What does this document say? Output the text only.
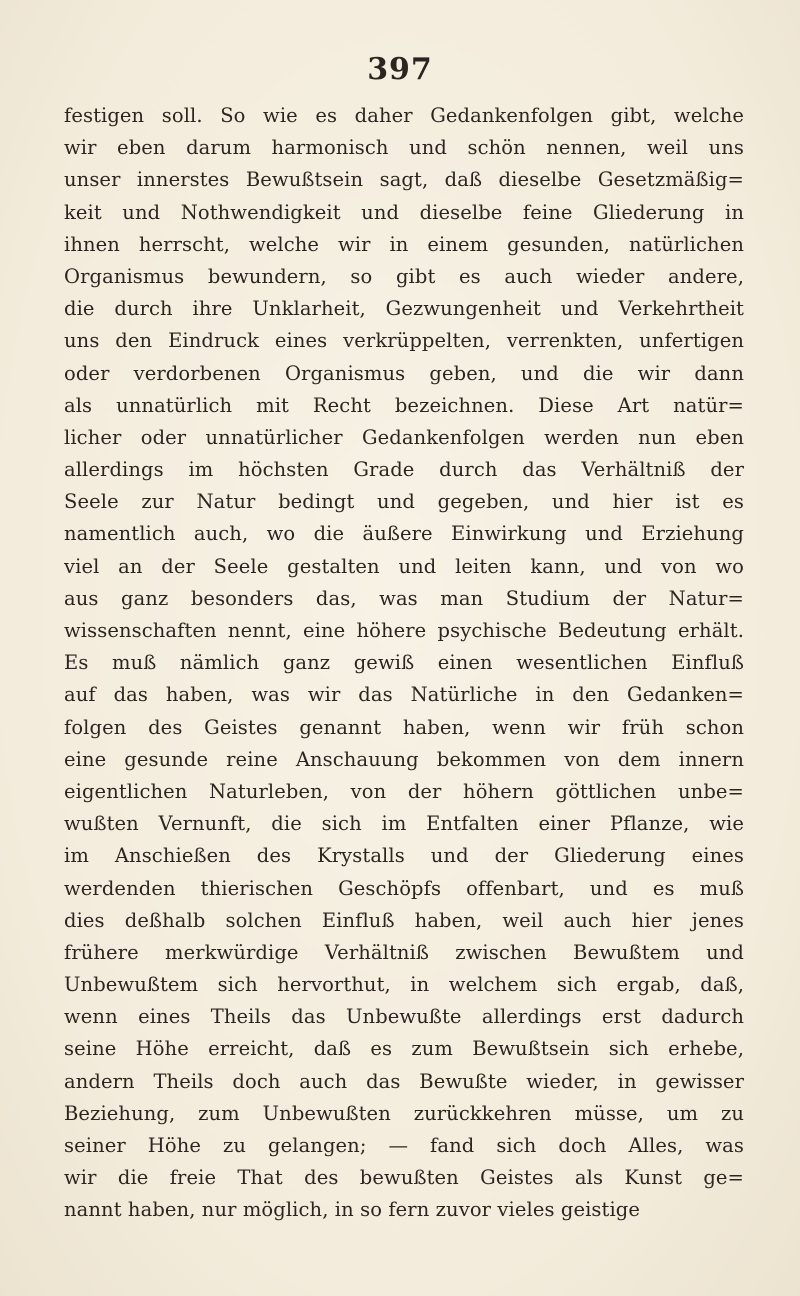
397
festigen soll. So wie es daher Gedankenfolgen gibt, welche
wir eben darum harmonisch und schön nennen, weil uns
unser innerstes Bewußtsein sagt, daß dieselbe Gesetzmäßig=
keit und Nothwendigkeit und dieselbe feine Gliederung in
ihnen herrscht, welche wir in einem gesunden, natürlichen
Organismus bewundern, so gibt es auch wieder andere,
die durch ihre Unklarheit, Gezwungenheit und Verkehrtheit
uns den Eindruck eines verkrüppelten, verrenkten, unfertigen
oder verdorbenen Organismus geben, und die wir dann
als unnatürlich mit Recht bezeichnen. Diese Art natür=
licher oder unnatürlicher Gedankenfolgen werden nun eben
allerdings im höchsten Grade durch das Verhältniß der
Seele zur Natur bedingt und gegeben, und hier ist es
namentlich auch, wo die äußere Einwirkung und Erziehung
viel an der Seele gestalten und leiten kann, und von wo
aus ganz besonders das, was man Studium der Natur=
wissenschaften nennt, eine höhere psychische Bedeutung erhält.
Es muß nämlich ganz gewiß einen wesentlichen Einfluß
auf das haben, was wir das Natürliche in den Gedanken=
folgen des Geistes genannt haben, wenn wir früh schon
eine gesunde reine Anschauung bekommen von dem innern
eigentlichen Naturleben, von der höhern göttlichen unbe=
wußten Vernunft, die sich im Entfalten einer Pflanze, wie
im Anschießen des Krystalls und der Gliederung eines
werdenden thierischen Geschöpfs offenbart, und es muß
dies deßhalb solchen Einfluß haben, weil auch hier jenes
frühere merkwürdige Verhältniß zwischen Bewußtem und
Unbewußtem sich hervorthut, in welchem sich ergab, daß,
wenn eines Theils das Unbewußte allerdings erst dadurch
seine Höhe erreicht, daß es zum Bewußtsein sich erhebe,
andern Theils doch auch das Bewußte wieder, in gewisser
Beziehung, zum Unbewußten zurückkehren müsse, um zu
seiner Höhe zu gelangen; — fand sich doch Alles, was
wir die freie That des bewußten Geistes als Kunst ge=
nannt haben, nur möglich, in so fern zuvor vieles geistige
